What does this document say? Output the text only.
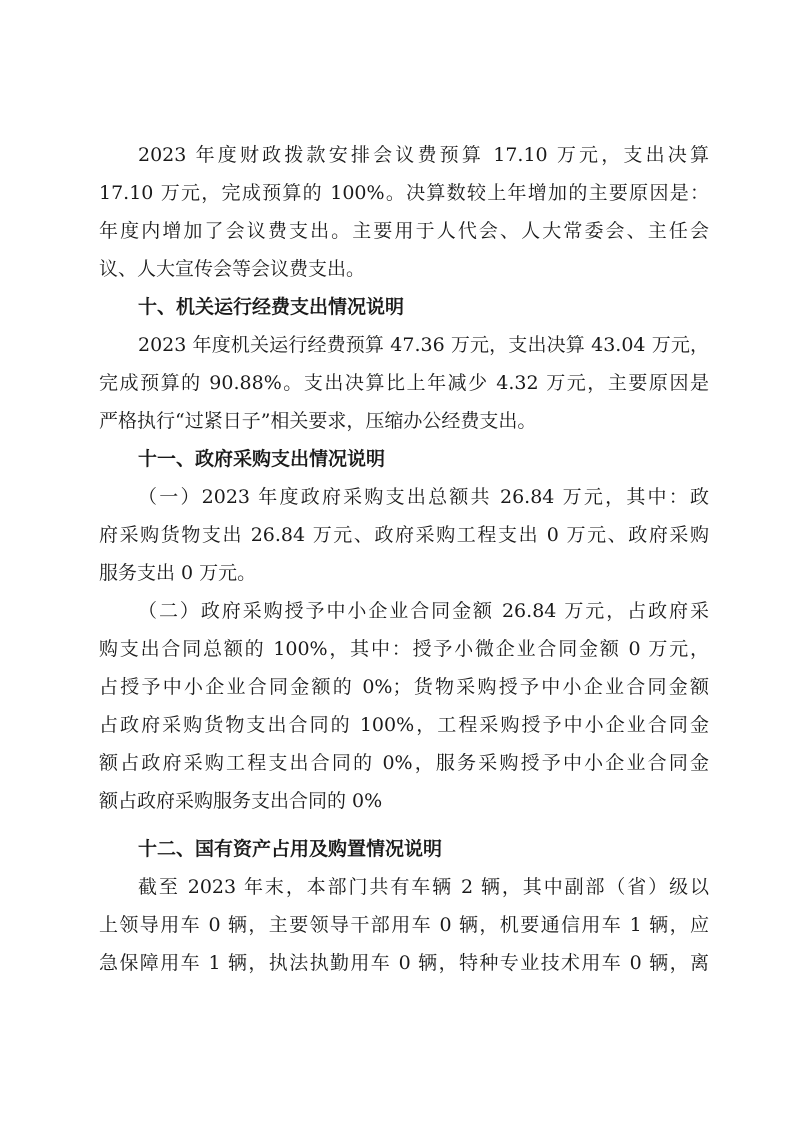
2023 年度财政拨款安排会议费预算 17.10 万元，支出决算
17.10 万元，完成预算的 100%。决算数较上年增加的主要原因是：
年度内增加了会议费支出。主要用于人代会、人大常委会、主任会
议、人大宣传会等会议费支出。
十、机关运行经费支出情况说明
2023 年度机关运行经费预算 47.36 万元，支出决算 43.04 万元，
完成预算的 90.88%。支出决算比上年减少 4.32 万元，主要原因是
严格执行“过紧日子”相关要求，压缩办公经费支出。
十一、政府采购支出情况说明
（一）2023 年度政府采购支出总额共 26.84 万元，其中：政
府采购货物支出 26.84 万元、政府采购工程支出 0 万元、政府采购
服务支出 0 万元。
（二）政府采购授予中小企业合同金额 26.84 万元，占政府采
购支出合同总额的 100%，其中：授予小微企业合同金额 0 万元，
占授予中小企业合同金额的 0%；货物采购授予中小企业合同金额
占政府采购货物支出合同的 100%，工程采购授予中小企业合同金
额占政府采购工程支出合同的 0%，服务采购授予中小企业合同金
额占政府采购服务支出合同的 0%
十二、国有资产占用及购置情况说明
截至 2023 年末，本部门共有车辆 2 辆，其中副部（省）级以
上领导用车 0 辆，主要领导干部用车 0 辆，机要通信用车 1 辆，应
急保障用车 1 辆，执法执勤用车 0 辆，特种专业技术用车 0 辆，离
